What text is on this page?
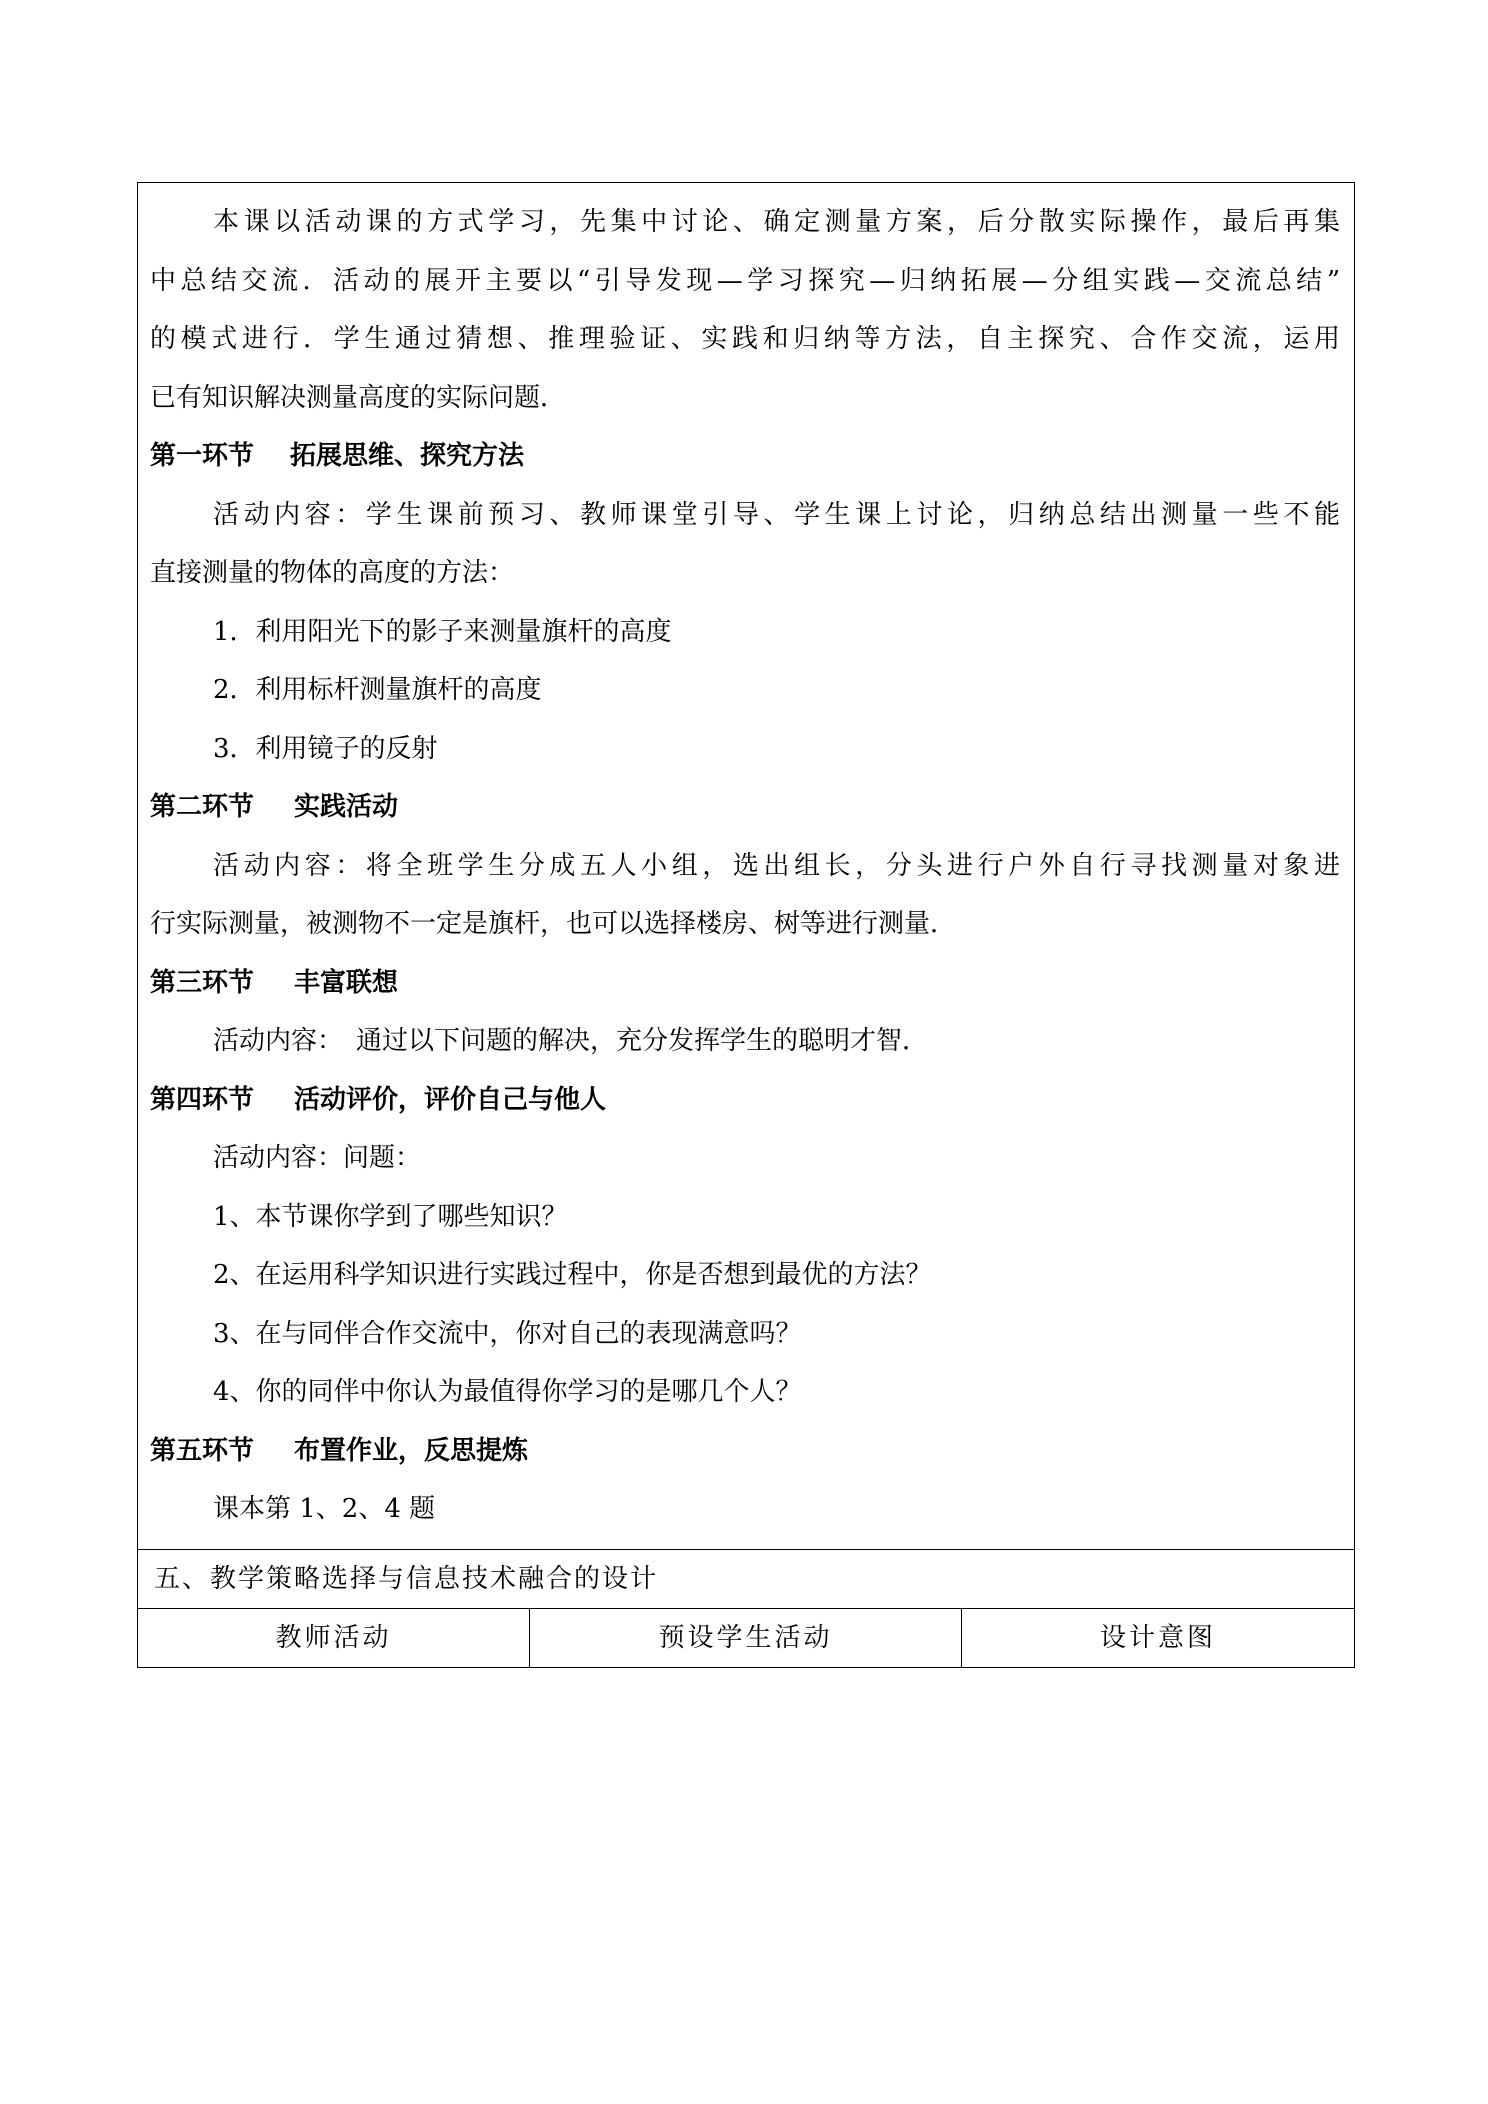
本课以活动课的方式学习，先集中讨论、确定测量方案，后分散实际操作，最后再集
中总结交流．活动的展开主要以“引导发现—学习探究—归纳拓展—分组实践—交流总结”
的模式进行．学生通过猜想、推理验证、实践和归纳等方法，自主探究、合作交流，运用
已有知识解决测量高度的实际问题．
第一环节 拓展思维、探究方法
活动内容：学生课前预习、教师课堂引导、学生课上讨论，归纳总结出测量一些不能
直接测量的物体的高度的方法：
1．利用阳光下的影子来测量旗杆的高度
2．利用标杆测量旗杆的高度
3．利用镜子的反射
第二环节 实践活动
活动内容：将全班学生分成五人小组，选出组长，分头进行户外自行寻找测量对象进
行实际测量，被测物不一定是旗杆，也可以选择楼房、树等进行测量．
第三环节 丰富联想
活动内容：　通过以下问题的解决，充分发挥学生的聪明才智．
第四环节 活动评价，评价自己与他人
活动内容：问题：
1、本节课你学到了哪些知识？
2、在运用科学知识进行实践过程中，你是否想到最优的方法？
3、在与同伴合作交流中，你对自己的表现满意吗？
4、你的同伴中你认为最值得你学习的是哪几个人？
第五环节 布置作业，反思提炼
课本第 1、2、4 题

五、教学策略选择与信息技术融合的设计
教师活动	预设学生活动	设计意图
